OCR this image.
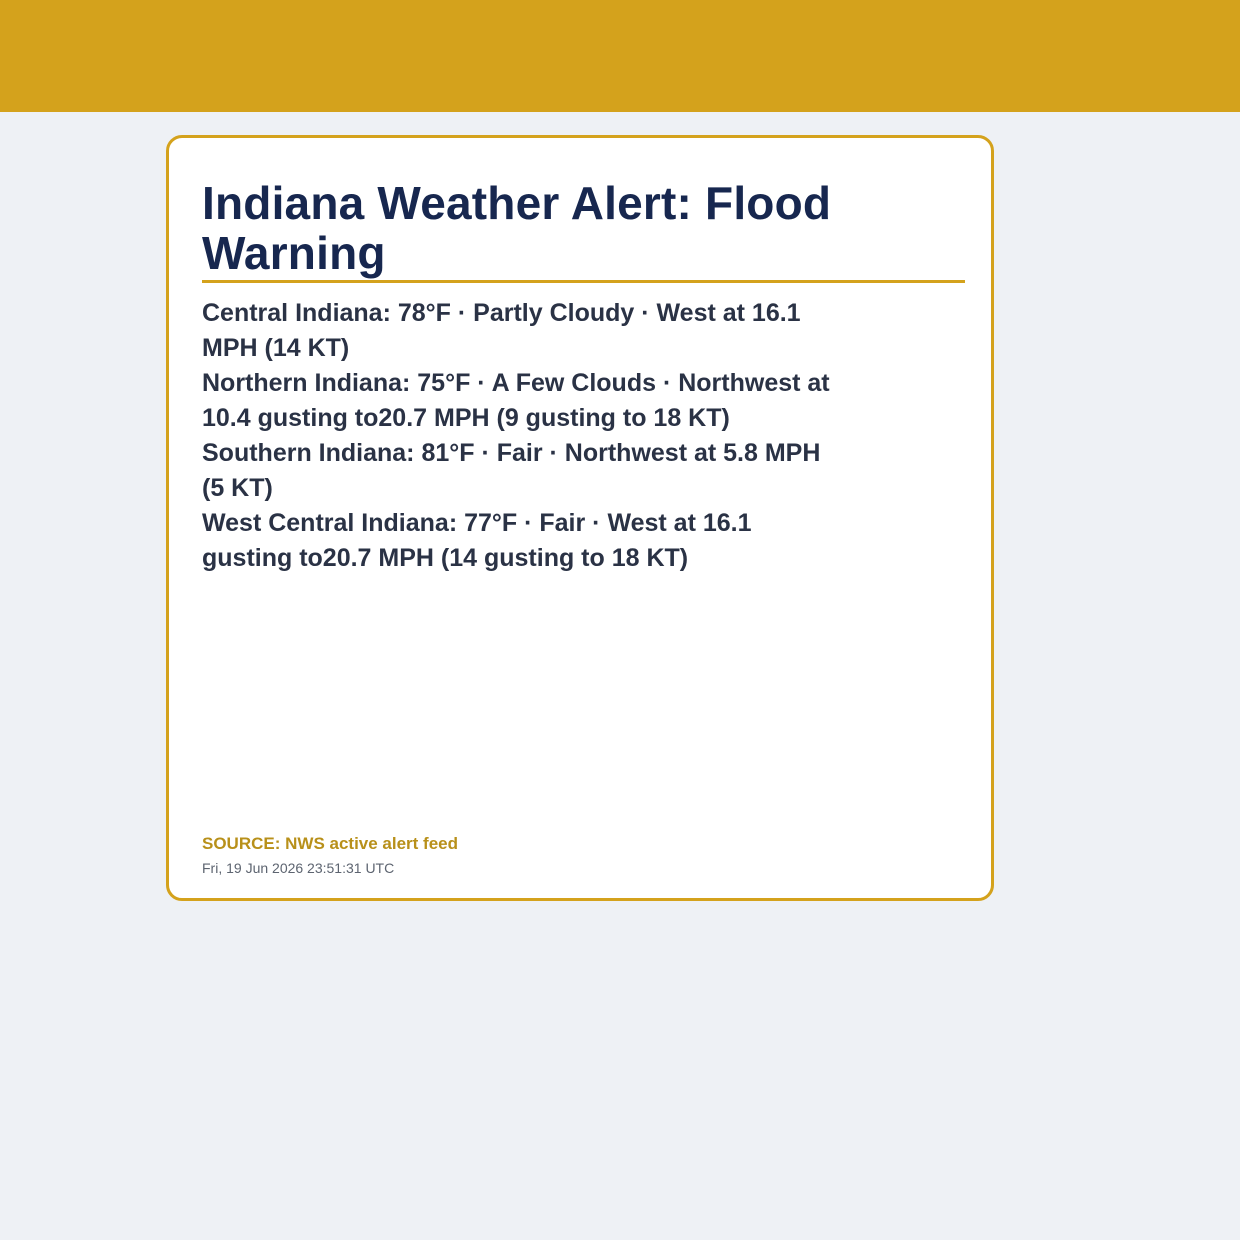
Indiana Weather Alert: Flood Warning
Central Indiana: 78°F · Partly Cloudy · West at 16.1 MPH (14 KT)
Northern Indiana: 75°F · A Few Clouds · Northwest at 10.4 gusting to20.7 MPH (9 gusting to 18 KT)
Southern Indiana: 81°F · Fair · Northwest at 5.8 MPH (5 KT)
West Central Indiana: 77°F · Fair · West at 16.1 gusting to20.7 MPH (14 gusting to 18 KT)
SOURCE: NWS active alert feed
Fri, 19 Jun 2026 23:51:31 UTC
